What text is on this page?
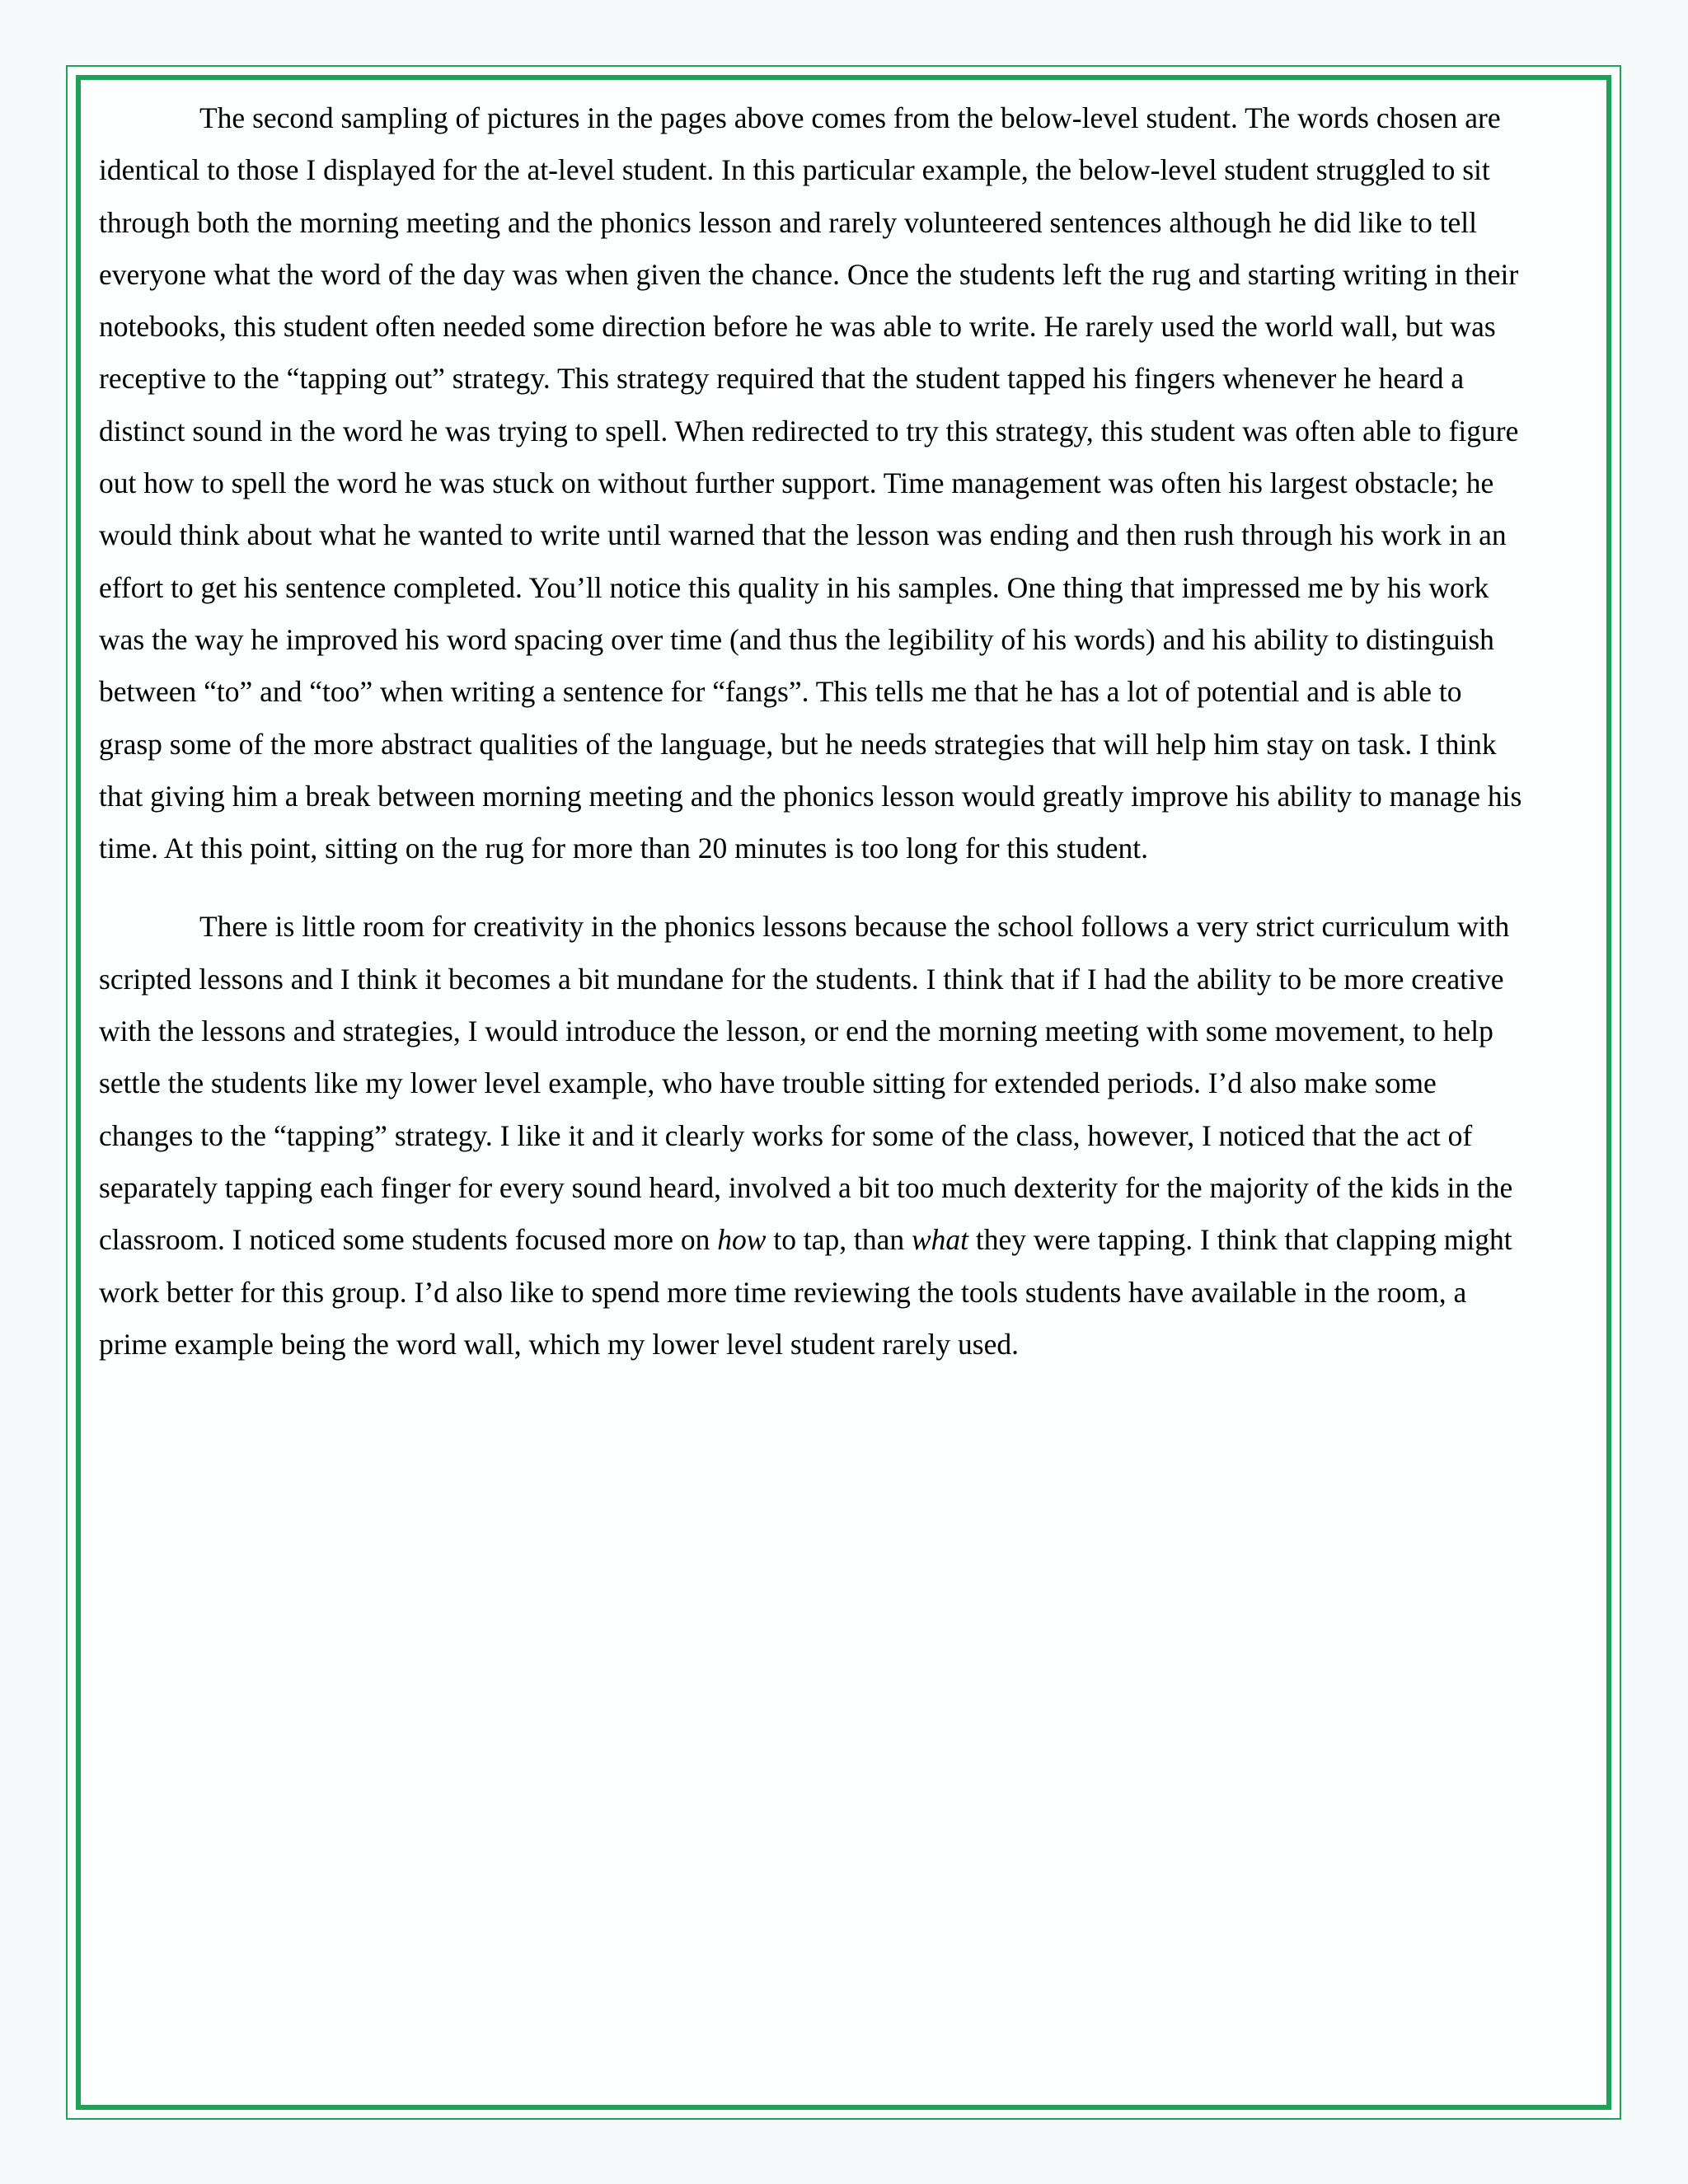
The second sampling of pictures in the pages above comes from the below-level student. The words chosen are
identical to those I displayed for the at-level student. In this particular example, the below-level student struggled to sit
through both the morning meeting and the phonics lesson and rarely volunteered sentences although he did like to tell
everyone what the word of the day was when given the chance. Once the students left the rug and starting writing in their
notebooks, this student often needed some direction before he was able to write. He rarely used the world wall, but was
receptive to the “tapping out” strategy. This strategy required that the student tapped his fingers whenever he heard a
distinct sound in the word he was trying to spell. When redirected to try this strategy, this student was often able to figure
out how to spell the word he was stuck on without further support. Time management was often his largest obstacle; he
would think about what he wanted to write until warned that the lesson was ending and then rush through his work in an
effort to get his sentence completed. You’ll notice this quality in his samples. One thing that impressed me by his work
was the way he improved his word spacing over time (and thus the legibility of his words) and his ability to distinguish
between “to” and “too” when writing a sentence for “fangs”. This tells me that he has a lot of potential and is able to
grasp some of the more abstract qualities of the language, but he needs strategies that will help him stay on task. I think
that giving him a break between morning meeting and the phonics lesson would greatly improve his ability to manage his
time. At this point, sitting on the rug for more than 20 minutes is too long for this student.

There is little room for creativity in the phonics lessons because the school follows a very strict curriculum with
scripted lessons and I think it becomes a bit mundane for the students. I think that if I had the ability to be more creative
with the lessons and strategies, I would introduce the lesson, or end the morning meeting with some movement, to help
settle the students like my lower level example, who have trouble sitting for extended periods. I’d also make some
changes to the “tapping” strategy. I like it and it clearly works for some of the class, however, I noticed that the act of
separately tapping each finger for every sound heard, involved a bit too much dexterity for the majority of the kids in the
classroom. I noticed some students focused more on how to tap, than what they were tapping. I think that clapping might
work better for this group. I’d also like to spend more time reviewing the tools students have available in the room, a
prime example being the word wall, which my lower level student rarely used.
